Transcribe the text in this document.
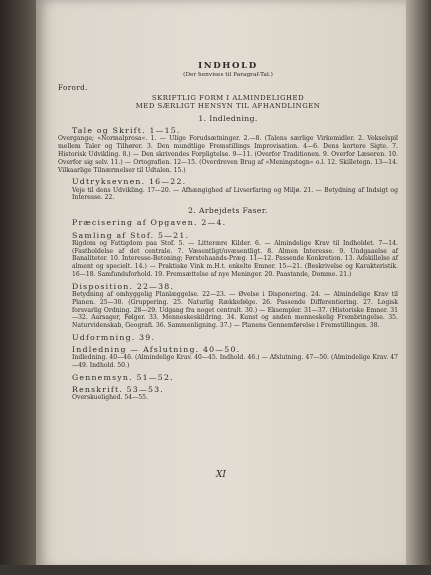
INDHOLD
(Der henvises til Paragraf-Tal.)
Forord.
SKRIFTLIG FORM I ALMINDELIGHED
MED SÆRLIGT HENSYN TIL AFHANDLINGEN
1. Indledning.
Tale og Skrift. 1—15.
Overgange; »Normalprosa«. 1. — Ulige Forudsætninger. 2.—8. (Talens særlige Virkemidler. 2. Vekselspil mellem Taler og Tilhører. 3. Den mundtlige Fremstillings Improvisation. 4—6. Dens kortere Sigte. 7. Historisk Udvikling. 8.) — Den skrivendes Forpligtelse. 9—11. (Overfor Traditionen. 9. Overfor Læseren. 10. Overfor sig selv. 11.) — Ortografien. 12—15. (Overdreven Brug af »Meningstegn« o.l. 12. Skilletegn. 13—14. Vilkaarlige Tilnærmelser til Udtalen. 15.)
Udtryksevnen. 16—22.
Veje til dens Udvikling. 17—20. — Afhængighed af Livserfaring og Miljø. 21. — Betydning af Indsigt og Interesse. 22.
2. Arbejdets Faser.
Præcisering af Opgaven. 2—4.
Samling af Stof. 5—21.
Rigdom og Fattigdom paa Stof. 5. — Litterære Kilder. 6. — Almindelige Krav til Indholdet. 7—14. (Fastholdelse af det centrale. 7. Væsentligt/uvæsentligt. 8. Almen Interesse. 9. Undgaaelse af Banaliteter. 10. Interesse-Betoning; Førstehaands-Præg. 11—12. Passende Konkretion. 13. Adskillelse af alment og specielt. 14.) — Praktiske Vink m.H.t. enkelte Emner. 15—21. (Beskrivelse og Karakteristik. 16—18. Samfundsforhold. 19. Fremsættelse af nye Meninger. 20. Paastande, Domme. 21.)
Disposition. 22—38.
Betydning af omhyggelig Planlæggelse. 22—23. — Øvelse i Disponering. 24. — Almindelige Krav til Planen. 25—30. (Gruppering. 25. Naturlig Rækkefølge. 26. Passende Differentiering. 27. Logisk forsvarlig Ordning. 28—29. Udgang fra noget centralt. 30.) — Eksempler. 31—37. (Historiske Emner. 31—32. Aarsager, Følger. 33. Menneskeskildring. 34. Kunst og anden menneskelig Frembringelse. 35. Naturvidenskab, Geografi. 36. Sammenligning. 37.) — Planens Gennemførelse i Fremstillingen. 38.
Udformning. 39.
Indledning — Afslutning. 40—50.
Indledning. 40—46. (Almindelige Krav. 40—45. Indhold. 46.) — Afslutning. 47—50. (Almindelige Krav. 47—49. Indhold. 50.)
Gennemsyn. 51—52.
Renskrift. 53—53.
Overskuelighed. 54—55.
XI
